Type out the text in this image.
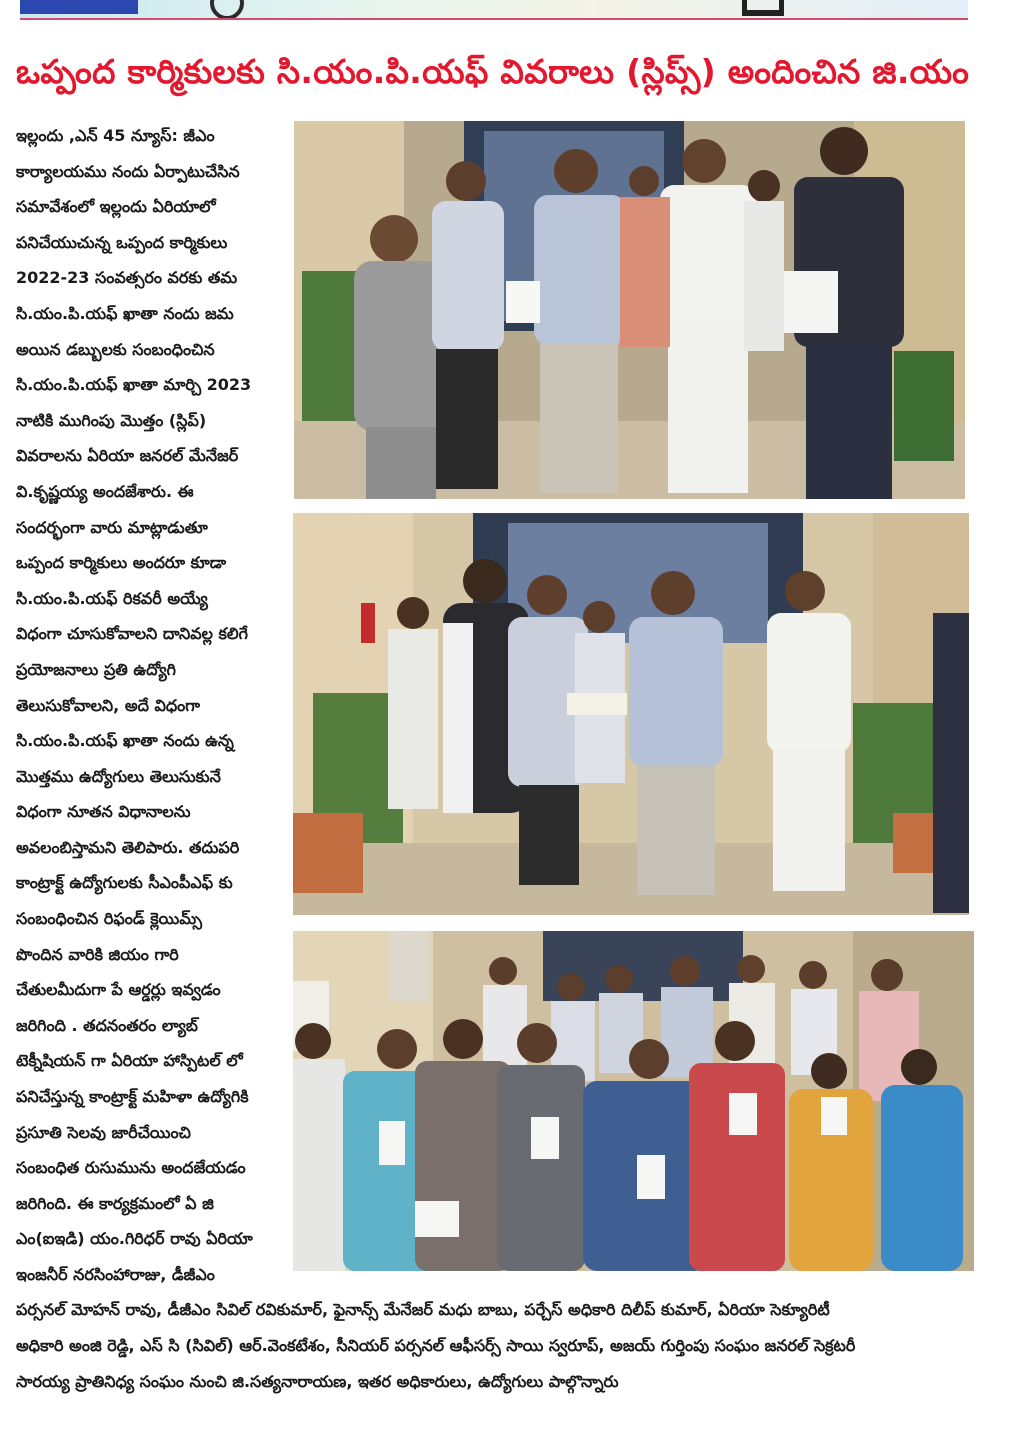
ఒప్పంద కార్మికులకు సి.యం.పి.యఫ్ వివరాలు (స్లిప్స్) అందించిన జి.యం
ఇల్లందు ,ఎన్ 45 న్యూస్: జీఎం
కార్యాలయము నందు ఏర్పాటుచేసిన
సమావేశంలో ఇల్లందు ఏరియాలో
పనిచేయుచున్న ఒప్పంద కార్మికులు
2022-23 సంవత్సరం వరకు తమ
సి.యం.పి.యఫ్ ఖాతా నందు జమ
అయిన డబ్బులకు సంబంధించిన
సి.యం.పి.యఫ్ ఖాతా మార్చి 2023
నాటికి ముగింపు మొత్తం (స్లిప్)
వివరాలను ఏరియా జనరల్ మేనేజర్
వి.కృష్ణయ్య అందజేశారు. ఈ
సందర్భంగా వారు మాట్లాడుతూ
ఒప్పంద కార్మికులు అందరూ కూడా
సి.యం.పి.యఫ్ రికవరీ అయ్యే
విధంగా చూసుకోవాలని దానివల్ల కలిగే
ప్రయోజనాలు ప్రతి ఉద్యోగి
తెలుసుకోవాలని, అదే విధంగా
సి.యం.పి.యఫ్ ఖాతా నందు ఉన్న
మొత్తము ఉద్యోగులు తెలుసుకునే
విధంగా నూతన విధానాలను
అవలంబిస్తామని తెలిపారు. తదుపరి
కాంట్రాక్ట్ ఉద్యోగులకు సీఎంపీఎఫ్ కు
సంబంధించిన రిఫండ్ క్లెయిమ్స్
పొందిన వారికి జియం గారి
చేతులమీదుగా పే ఆర్డర్లు ఇవ్వడం
జరిగింది . తదనంతరం ల్యాబ్
టెక్నీషియన్ గా ఏరియా హాస్పిటల్ లో
పనిచేస్తున్న కాంట్రాక్ట్ మహిళా ఉద్యోగికి
ప్రసూతి సెలవు జారీచేయించి
సంబంధిత రుసుమును అందజేయడం
జరిగింది. ఈ కార్యక్రమంలో ఏ జి
ఎం(ఐఇడి) యం.గిరిధర్ రావు ఏరియా
ఇంజనీర్ నరసింహారాజు, డీజీఎం
పర్సనల్ మోహన్ రావు, డీజీఎం సివిల్ రవికుమార్, ఫైనాన్స్ మేనేజర్ మధు బాబు, పర్చేస్ అధికారి దిలీప్ కుమార్, ఏరియా సెక్యూరిటీ
అధికారి అంజి రెడ్డి, ఎస్ సి (సివిల్) ఆర్.వెంకటేశం, సీనియర్ పర్సనల్ ఆఫీసర్స్ సాయి స్వరూప్, అజయ్ గుర్తింపు సంఘం జనరల్ సెక్రటరీ
సారయ్య ప్రాతినిధ్య సంఘం నుంచి జి.సత్యనారాయణ, ఇతర అధికారులు, ఉద్యోగులు పాల్గొన్నారు
